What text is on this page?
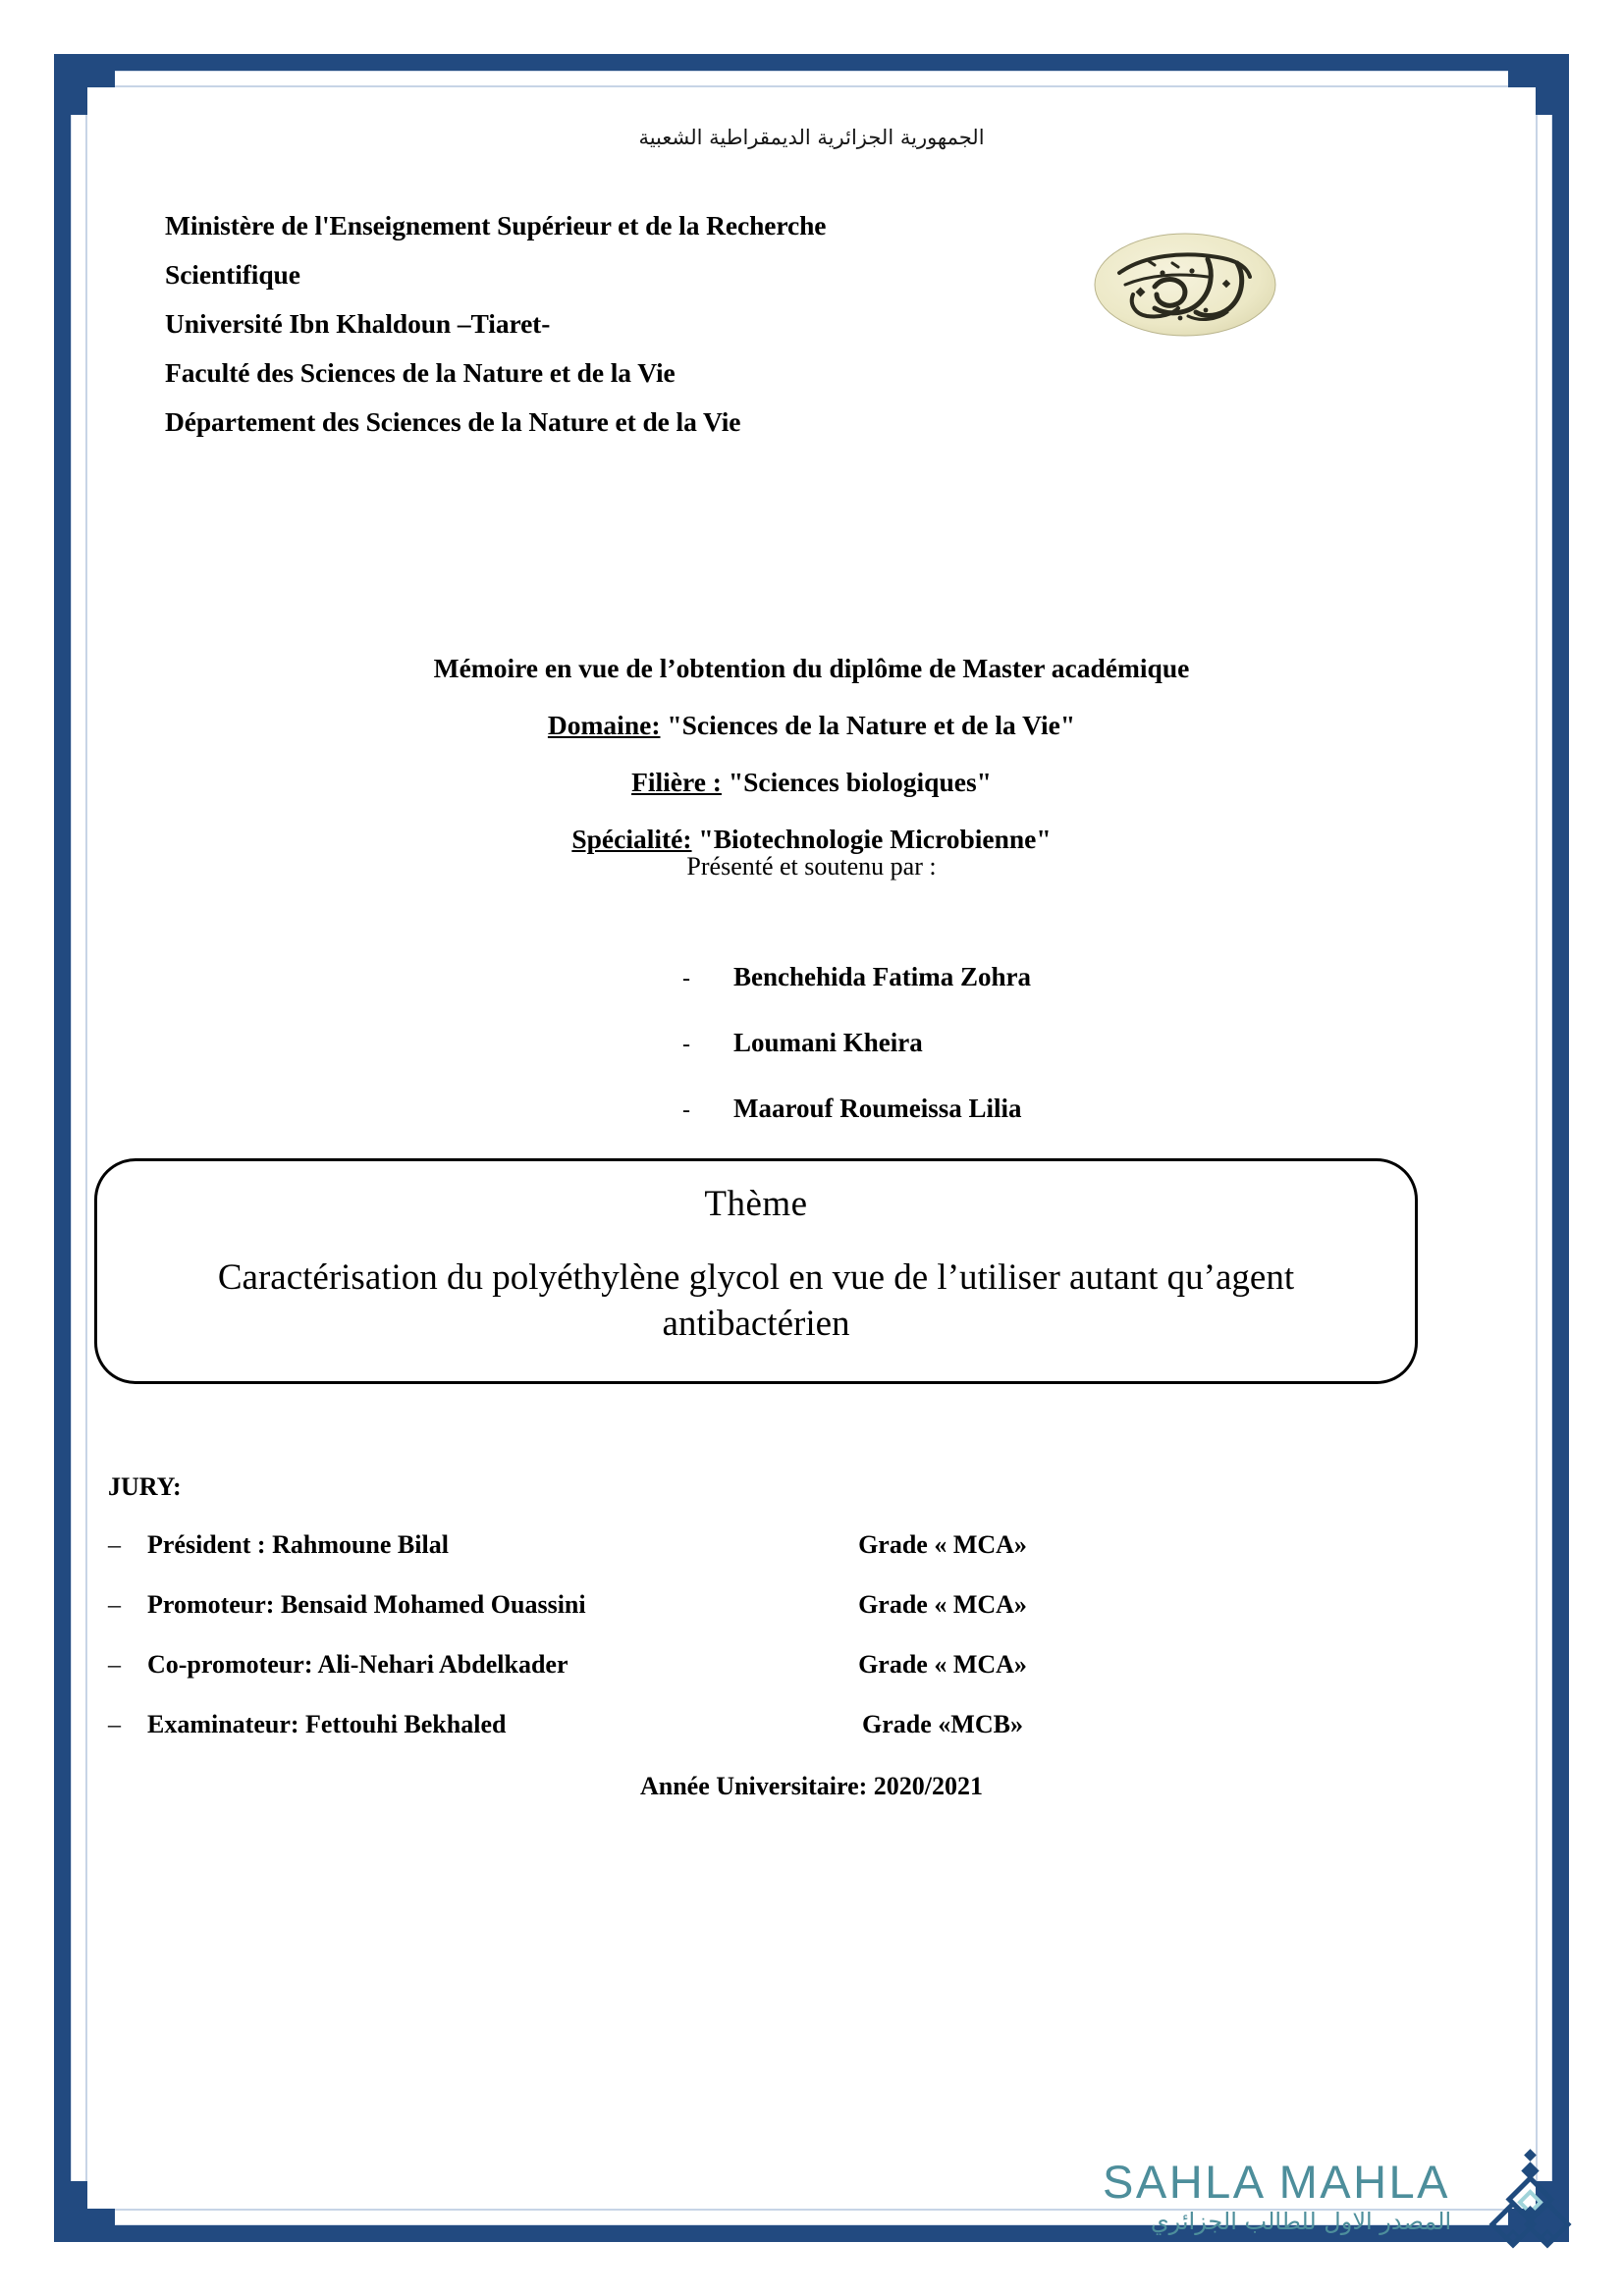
الجمهورية الجزائرية الديمقراطية الشعبية
Ministère de l'Enseignement Supérieur et de la Recherche
Scientifique
Université Ibn Khaldoun –Tiaret-
Faculté des Sciences de la Nature et de la Vie
Département des Sciences de la Nature et de la Vie
Mémoire en vue de l’obtention du diplôme de Master académique
Domaine: "Sciences de la Nature et de la Vie"
Filière : "Sciences biologiques"
Spécialité: "Biotechnologie Microbienne"
Présenté et soutenu par :
-	Benchehida Fatima Zohra
-	Loumani Kheira
-	Maarouf Roumeissa Lilia
Thème
Caractérisation du polyéthylène glycol en vue de l’utiliser autant qu’agent antibactérien
JURY:
–	Président : Rahmoune Bilal	Grade « MCA»
–	Promoteur: Bensaid Mohamed Ouassini	Grade « MCA»
–	Co-promoteur: Ali-Nehari Abdelkader	Grade « MCA»
–	Examinateur: Fettouhi Bekhaled	Grade «MCB»
Année Universitaire: 2020/2021
SAHLA MAHLA
المصدر الاول للطالب الجزائري
